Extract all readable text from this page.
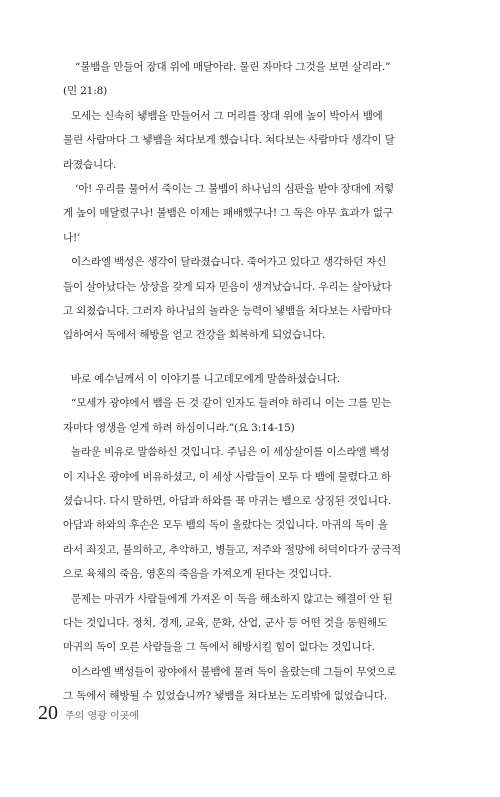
“불뱀을 만들어 장대 위에 매달아라. 물린 자마다 그것을 보면 살리라.”
(민 21:8)

모세는 신속히 뇋뱀을 만들어서 그 머리를 장대 위에 높이 박아서 뱀에
물린 사람마다 그 뇋뱀을 쳐다보게 했습니다. 쳐다보는 사람마다 생각이 달
라졌습니다.

‘아! 우리를 물어서 죽이는 그 불뱀이 하나님의 심판을 받아 장대에 저렇
게 높이 매달렸구나! 불뱀은 이제는 패배했구나! 그 독은 아무 효과가 없구
나!’

이스라엘 백성은 생각이 달라졌습니다. 죽어가고 있다고 생각하던 자신
들이 살아났다는 상상을 갖게 되자 믿음이 생겨났습니다. 우리는 살아났다
고 외쳤습니다. 그러자 하나님의 놀라운 능력이 뇋뱀을 쳐다보는 사람마다
임하여서 독에서 해방을 얻고 건강을 회복하게 되었습니다.

바로 예수님께서 이 이야기를 니고데모에게 말씀하셨습니다.

“모세가 광야에서 뱀을 든 것 같이 인자도 들려야 하리니 이는 그를 믿는
자마다 영생을 얻게 하려 하심이니라.”(요 3:14-15)

놀라운 비유로 말씀하신 것입니다. 주님은 이 세상살이를 이스라엘 백성
이 지나온 광야에 비유하셨고, 이 세상 사람들이 모두 다 뱀에 물렸다고 하
셨습니다. 다시 말하면, 아담과 하와를 꾴 마귀는 뱀으로 상징된 것입니다.
아담과 하와의 후손은 모두 뱀의 독이 올랐다는 것입니다. 마귀의 독이 올
라서 죄짓고, 불의하고, 추악하고, 병들고, 저주와 절망에 허덕이다가 궁극적
으로 육체의 죽음, 영혼의 죽음을 가져오게 된다는 것입니다.

문제는 마귀가 사람들에게 가져온 이 독을 해소하지 않고는 해결이 안 된
다는 것입니다. 정치, 경제, 교육, 문화, 산업, 군사 등 어떤 것을 동원해도
마귀의 독이 오른 사람들을 그 독에서 해방시킬 힘이 없다는 것입니다.

이스라엘 백성들이 광야에서 불뱀에 물려 독이 올랐는데 그들이 무엇으로
그 독에서 해방될 수 있었습니까? 뇋뱀을 쳐다보는 도리밖에 없었습니다.

20 주의 영광 이곳에
